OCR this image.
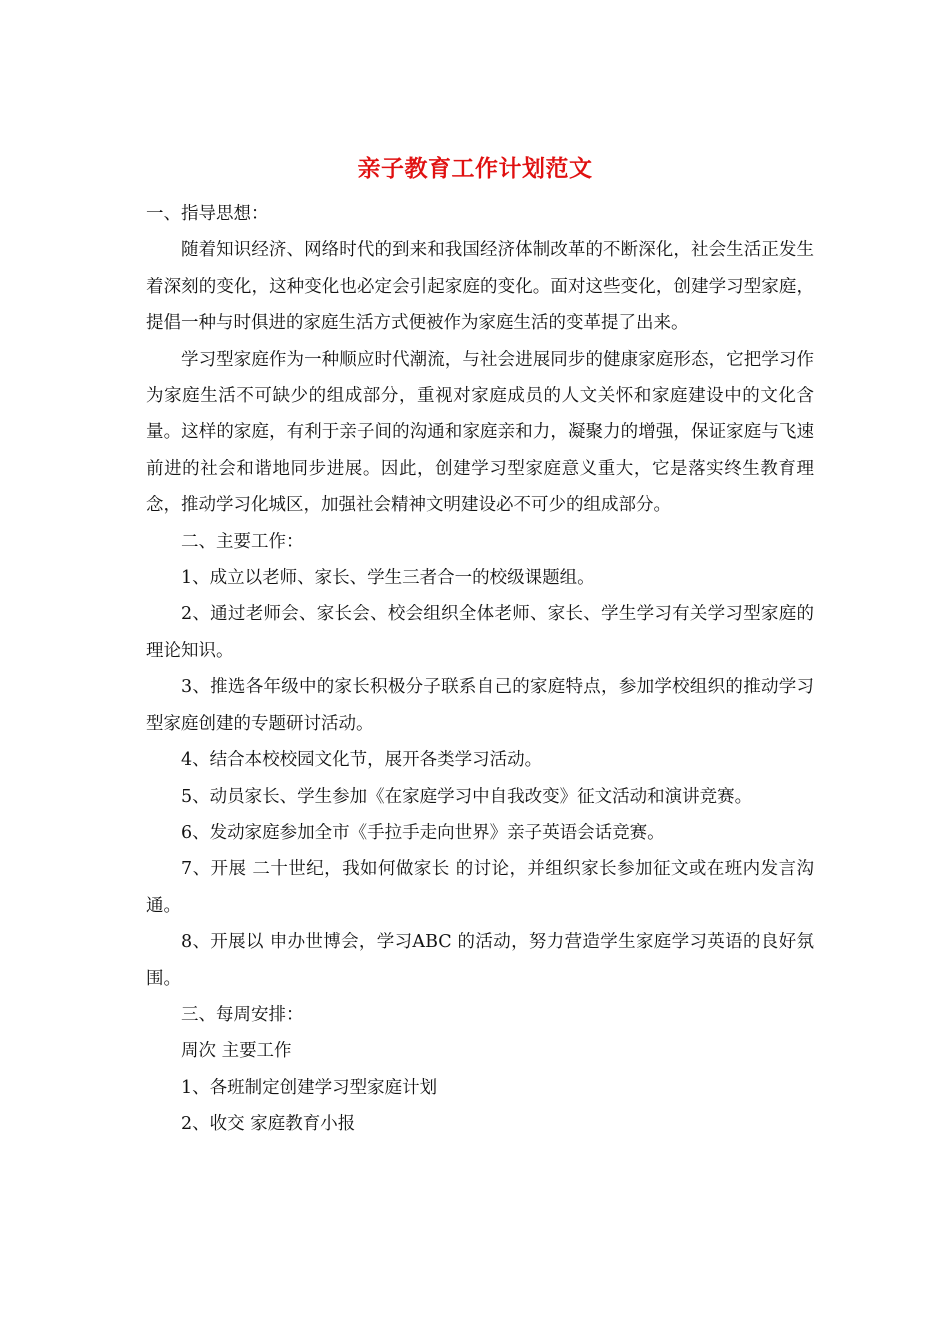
亲子教育工作计划范文

一、指导思想：

随着知识经济、网络时代的到来和我国经济体制改革的不断深化，社会生活正发生着深刻的变化，这种变化也必定会引起家庭的变化。面对这些变化，创建学习型家庭，提倡一种与时俱进的家庭生活方式便被作为家庭生活的变革提了出来。

学习型家庭作为一种顺应时代潮流，与社会进展同步的健康家庭形态，它把学习作为家庭生活不可缺少的组成部分，重视对家庭成员的人文关怀和家庭建设中的文化含量。这样的家庭，有利于亲子间的沟通和家庭亲和力，凝聚力的增强，保证家庭与飞速前进的社会和谐地同步进展。因此，创建学习型家庭意义重大，它是落实终生教育理念，推动学习化城区，加强社会精神文明建设必不可少的组成部分。

二、主要工作：

1、成立以老师、家长、学生三者合一的校级课题组。

2、通过老师会、家长会、校会组织全体老师、家长、学生学习有关学习型家庭的理论知识。

3、推选各年级中的家长积极分子联系自己的家庭特点，参加学校组织的推动学习型家庭创建的专题研讨活动。

4、结合本校校园文化节，展开各类学习活动。

5、动员家长、学生参加《在家庭学习中自我改变》征文活动和演讲竞赛。

6、发动家庭参加全市《手拉手走向世界》亲子英语会话竞赛。

7、开展 二十世纪，我如何做家长 的讨论，并组织家长参加征文或在班内发言沟通。

8、开展以 申办世博会，学习ABC 的活动，努力营造学生家庭学习英语的良好氛围。

三、每周安排：

周次 主要工作

1、各班制定创建学习型家庭计划

2、收交 家庭教育小报
